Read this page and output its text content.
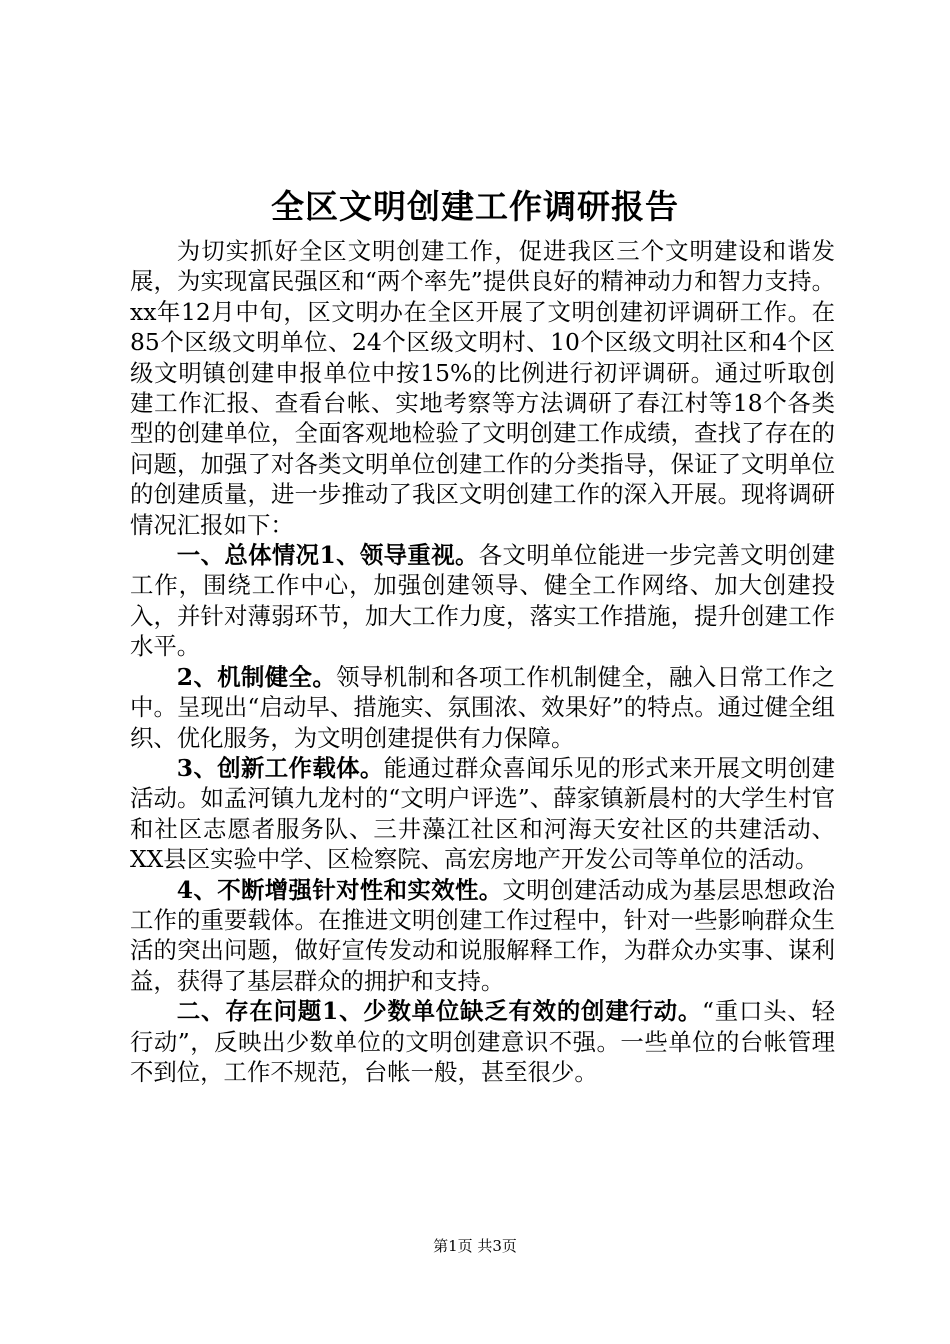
全区文明创建工作调研报告

为切实抓好全区文明创建工作，促进我区三个文明建设和谐发展，为实现富民强区和“两个率先”提供良好的精神动力和智力支持。xx年12月中旬，区文明办在全区开展了文明创建初评调研工作。在85个区级文明单位、24个区级文明村、10个区级文明社区和4个区级文明镇创建申报单位中按15%的比例进行初评调研。通过听取创建工作汇报、查看台帐、实地考察等方法调研了春江村等18个各类型的创建单位，全面客观地检验了文明创建工作成绩，查找了存在的问题，加强了对各类文明单位创建工作的分类指导，保证了文明单位的创建质量，进一步推动了我区文明创建工作的深入开展。现将调研情况汇报如下：

一、总体情况1、领导重视。各文明单位能进一步完善文明创建工作，围绕工作中心，加强创建领导、健全工作网络、加大创建投入，并针对薄弱环节，加大工作力度，落实工作措施，提升创建工作水平。

2、机制健全。领导机制和各项工作机制健全，融入日常工作之中。呈现出“启动早、措施实、氛围浓、效果好”的特点。通过健全组织、优化服务，为文明创建提供有力保障。

3、创新工作载体。能通过群众喜闻乐见的形式来开展文明创建活动。如孟河镇九龙村的“文明户评选”、薛家镇新晨村的大学生村官和社区志愿者服务队、三井藻江社区和河海天安社区的共建活动、XX县区实验中学、区检察院、高宏房地产开发公司等单位的活动。

4、不断增强针对性和实效性。文明创建活动成为基层思想政治工作的重要载体。在推进文明创建工作过程中，针对一些影响群众生活的突出问题，做好宣传发动和说服解释工作，为群众办实事、谋利益，获得了基层群众的拥护和支持。

二、存在问题1、少数单位缺乏有效的创建行动。“重口头、轻行动”，反映出少数单位的文明创建意识不强。一些单位的台帐管理不到位，工作不规范，台帐一般，甚至很少。

第1页 共3页
